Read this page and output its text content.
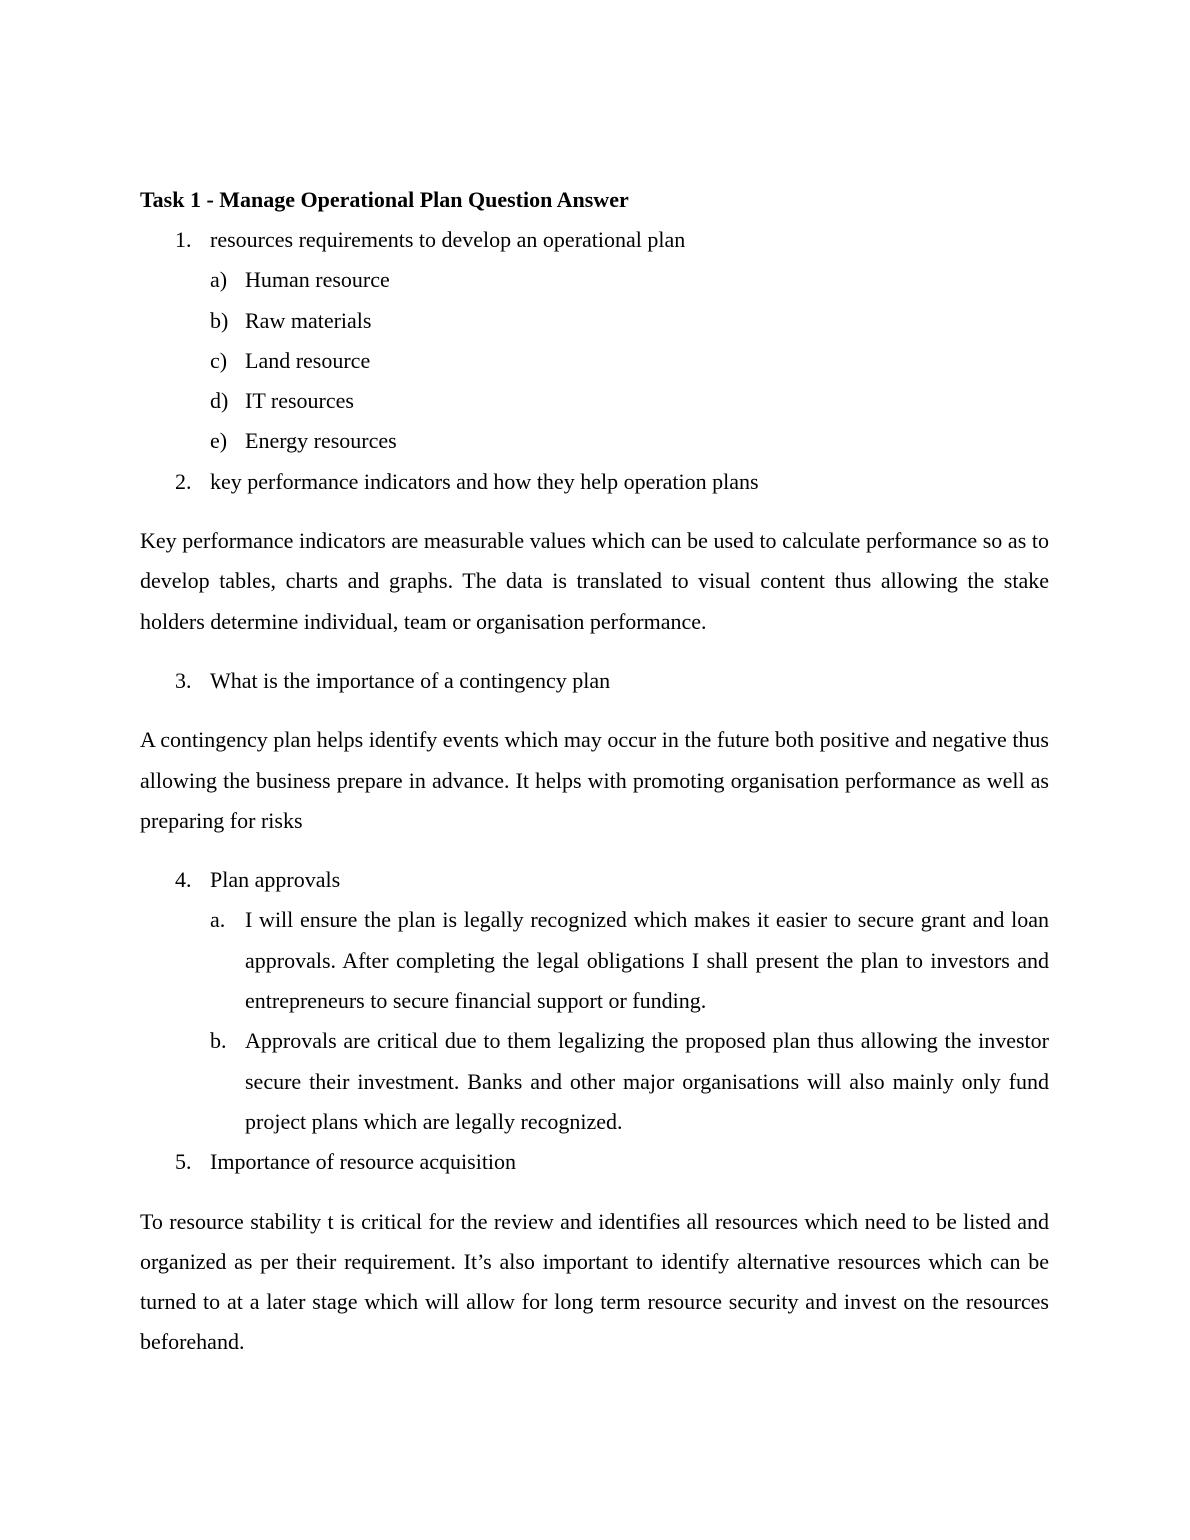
Task 1 - Manage Operational Plan Question Answer
1. resources requirements to develop an operational plan
a) Human resource
b) Raw materials
c) Land resource
d) IT resources
e) Energy resources
2. key performance indicators and how they help operation plans

Key performance indicators are measurable values which can be used to calculate performance so as to develop tables, charts and graphs. The data is translated to visual content thus allowing the stake holders determine individual, team or organisation performance.

3. What is the importance of a contingency plan

A contingency plan helps identify events which may occur in the future both positive and negative thus allowing the business prepare in advance. It helps with promoting organisation performance as well as preparing for risks

4. Plan approvals
a. I will ensure the plan is legally recognized which makes it easier to secure grant and loan approvals. After completing the legal obligations I shall present the plan to investors and entrepreneurs to secure financial support or funding.
b. Approvals are critical due to them legalizing the proposed plan thus allowing the investor secure their investment. Banks and other major organisations will also mainly only fund project plans which are legally recognized.
5. Importance of resource acquisition

To resource stability t is critical for the review and identifies all resources which need to be listed and organized as per their requirement. It’s also important to identify alternative resources which can be turned to at a later stage which will allow for long term resource security and invest on the resources beforehand.
